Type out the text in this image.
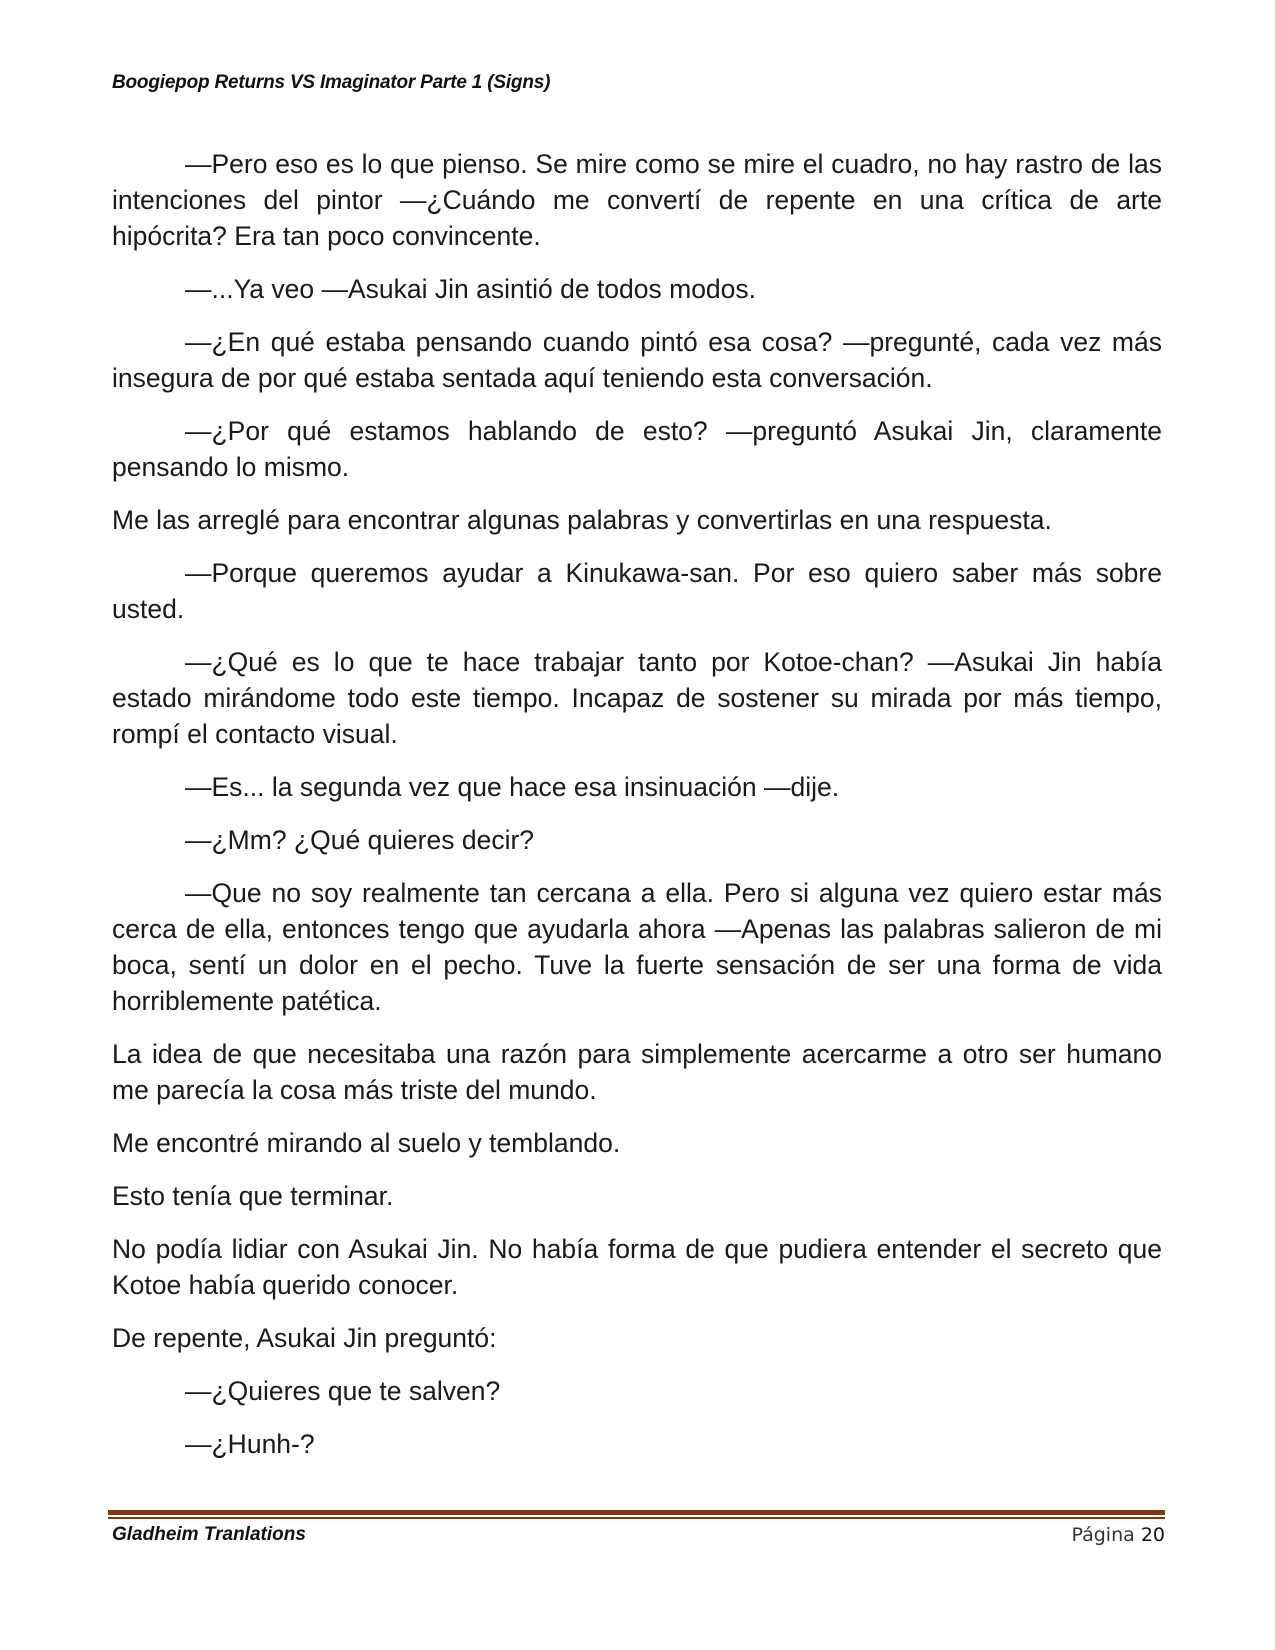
Boogiepop Returns VS Imaginator Parte 1 (Signs)

—Pero eso es lo que pienso. Se mire como se mire el cuadro, no hay rastro de las intenciones del pintor —¿Cuándo me convertí de repente en una crítica de arte hipócrita? Era tan poco convincente.

—...Ya veo —Asukai Jin asintió de todos modos.

—¿En qué estaba pensando cuando pintó esa cosa? —pregunté, cada vez más insegura de por qué estaba sentada aquí teniendo esta conversación.

—¿Por qué estamos hablando de esto? —preguntó Asukai Jin, claramente pensando lo mismo.

Me las arreglé para encontrar algunas palabras y convertirlas en una respuesta.

—Porque queremos ayudar a Kinukawa-san. Por eso quiero saber más sobre usted.

—¿Qué es lo que te hace trabajar tanto por Kotoe-chan? —Asukai Jin había estado mirándome todo este tiempo. Incapaz de sostener su mirada por más tiempo, rompí el contacto visual.

—Es... la segunda vez que hace esa insinuación —dije.

—¿Mm? ¿Qué quieres decir?

—Que no soy realmente tan cercana a ella. Pero si alguna vez quiero estar más cerca de ella, entonces tengo que ayudarla ahora —Apenas las palabras salieron de mi boca, sentí un dolor en el pecho. Tuve la fuerte sensación de ser una forma de vida horriblemente patética.

La idea de que necesitaba una razón para simplemente acercarme a otro ser humano me parecía la cosa más triste del mundo.

Me encontré mirando al suelo y temblando.

Esto tenía que terminar.

No podía lidiar con Asukai Jin. No había forma de que pudiera entender el secreto que Kotoe había querido conocer.

De repente, Asukai Jin preguntó:

—¿Quieres que te salven?

—¿Hunh-?

Gladheim Tranlations	Página 20
